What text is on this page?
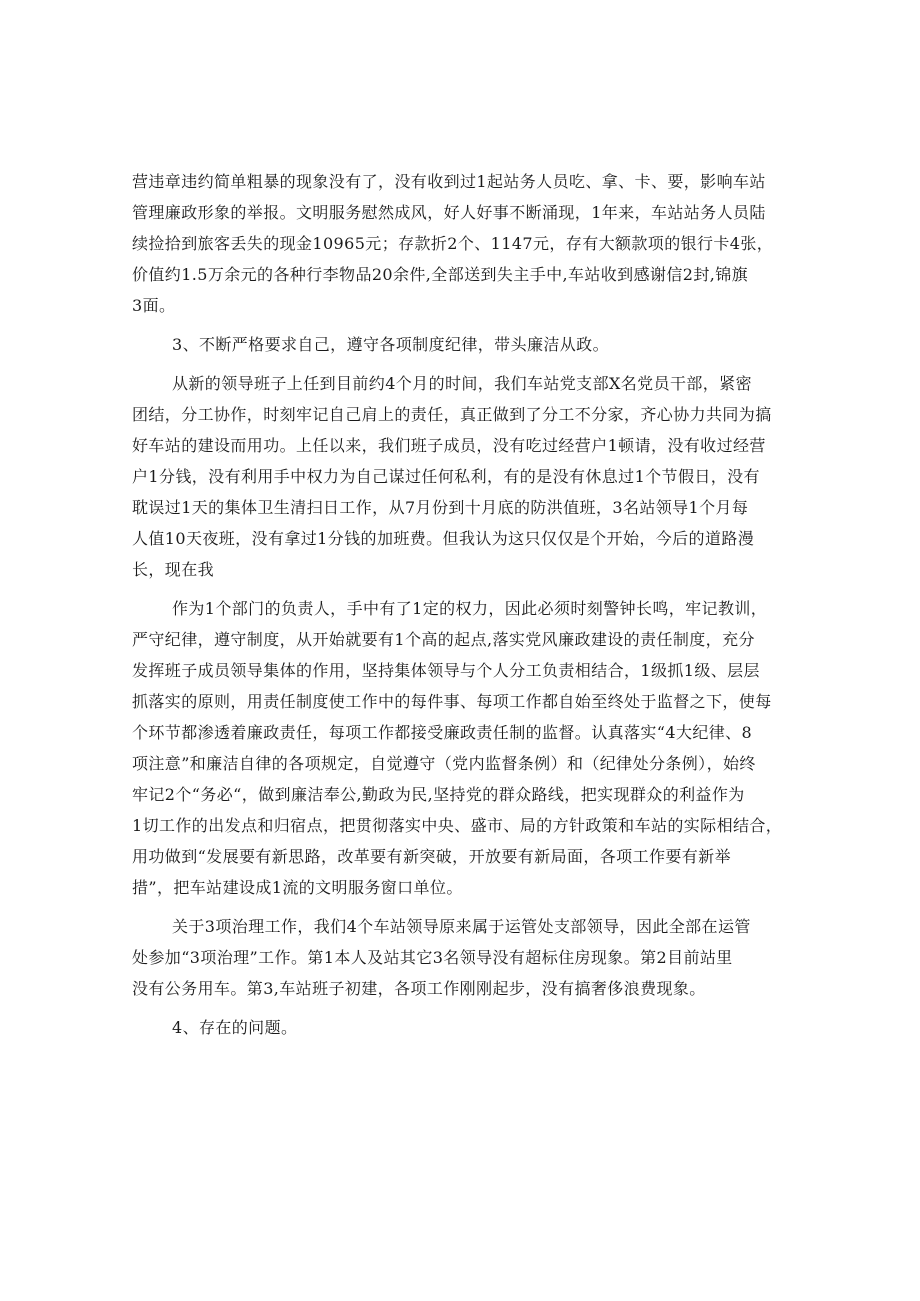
营违章违约简单粗暴的现象没有了，没有收到过1起站务人员吃、拿、卡、要，影响车站
管理廉政形象的举报。文明服务慰然成风，好人好事不断涌现，1年来，车站站务人员陆
续捡拾到旅客丢失的现金10965元；存款折2个、1147元，存有大额款项的银行卡4张，
价值约1.5万余元的各种行李物品20余件,全部送到失主手中,车站收到感谢信2封,锦旗
3面。

3、不断严格要求自己，遵守各项制度纪律，带头廉洁从政。

从新的领导班子上任到目前约4个月的时间，我们车站党支部X名党员干部，紧密
团结，分工协作，时刻牢记自己肩上的责任，真正做到了分工不分家，齐心协力共同为搞
好车站的建设而用功。上任以来，我们班子成员，没有吃过经营户1顿请，没有收过经营
户1分钱，没有利用手中权力为自己谋过任何私利，有的是没有休息过1个节假日，没有
耽误过1天的集体卫生清扫日工作，从7月份到十月底的防洪值班，3名站领导1个月每
人值10天夜班，没有拿过1分钱的加班费。但我认为这只仅仅是个开始，今后的道路漫
长，现在我

作为1个部门的负责人，手中有了1定的权力，因此必须时刻警钟长鸣，牢记教训，
严守纪律，遵守制度，从开始就要有1个高的起点,落实党风廉政建设的责任制度，充分
发挥班子成员领导集体的作用，坚持集体领导与个人分工负责相结合，1级抓1级、层层
抓落实的原则，用责任制度使工作中的每件事、每项工作都自始至终处于监督之下，使每
个环节都渗透着廉政责任，每项工作都接受廉政责任制的监督。认真落实“4大纪律、8
项注意”和廉洁自律的各项规定，自觉遵守（党内监督条例）和（纪律处分条例），始终
牢记2个“务必“，做到廉洁奉公,勤政为民,坚持党的群众路线，把实现群众的利益作为
1切工作的出发点和归宿点，把贯彻落实中央、盛市、局的方针政策和车站的实际相结合，
用功做到“发展要有新思路，改革要有新突破，开放要有新局面，各项工作要有新举
措”，把车站建设成1流的文明服务窗口单位。

关于3项治理工作，我们4个车站领导原来属于运管处支部领导，因此全部在运管
处参加“3项治理”工作。第1本人及站其它3名领导没有超标住房现象。第2目前站里
没有公务用车。第3,车站班子初建，各项工作刚刚起步，没有搞奢侈浪费现象。

4、存在的问题。
